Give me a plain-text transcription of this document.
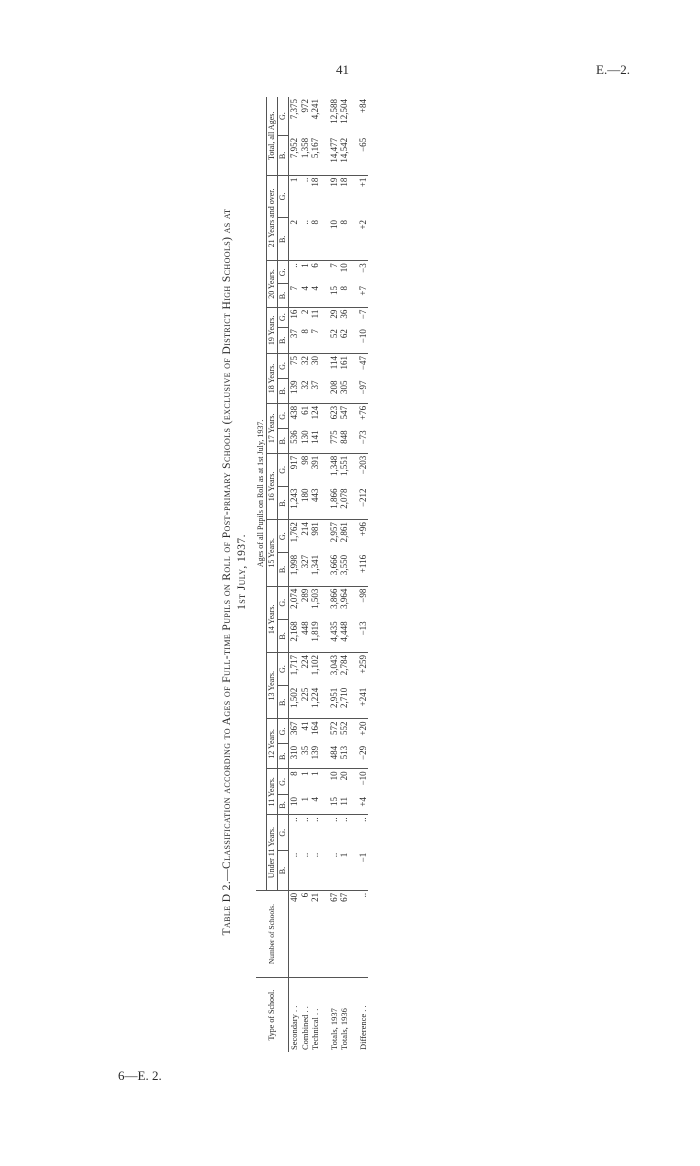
41	E.—2.
6—E. 2.
Table D 2.—Classification according to Ages of Full-time Pupils on Roll of Post-primary Schools (exclusive of District High Schools) as at 1st July, 1937.
Type of School.	Number of Schools.	Ages of all Pupils on Roll as at 1st July, 1937.																									
		Under 11 Years.		11 Years.		12 Years.		13 Years.		14 Years.		15 Years.		16 Years.		17 Years.		18 Years.		19 Years.		20 Years.		21 Years and over.		Total, all Ages.	
		B.	G.	B.	G.	B.	G.	B.	G.	B.	G.	B.	G.	B.	G.	B.	G.	B.	G.	B.	G.	B.	G.	B.	G.	B.	G.
Secondary . .	40	..	..	10	8	310	367	1,502	1,717	2,168	2,074	1,998	1,762	1,243	917	536	438	139	75	37	16	7	..	2	1	7,952	7,375
Combined . .	6	..	..	1	1	35	41	225	224	448	289	327	214	180	98	130	61	32	32	8	2	4	1	..	..	1,358	972
Technical . .	21	..	..	4	1	139	164	1,224	1,102	1,819	1,503	1,341	981	443	391	141	124	37	30	7	11	4	6	8	18	5,167	4,241
Totals, 1937	67	..	..	15	10	484	572	2,951	3,043	4,435	3,866	3,666	2,957	1,866	1,348	775	623	208	114	52	29	15	7	10	19	14,477	12,588
Totals, 1936	67	1	..	11	20	513	552	2,710	2,784	4,448	3,964	3,550	2,861	2,078	1,551	848	547	305	161	62	36	8	10	8	18	14,542	12,504
Difference . .	..	−1	..	+4	−10	−29	+20	+241	+259	−13	−98	+116	+96	−212	−203	−73	+76	−97	−47	−10	−7	+7	−3	+2	+1	−65	+84
